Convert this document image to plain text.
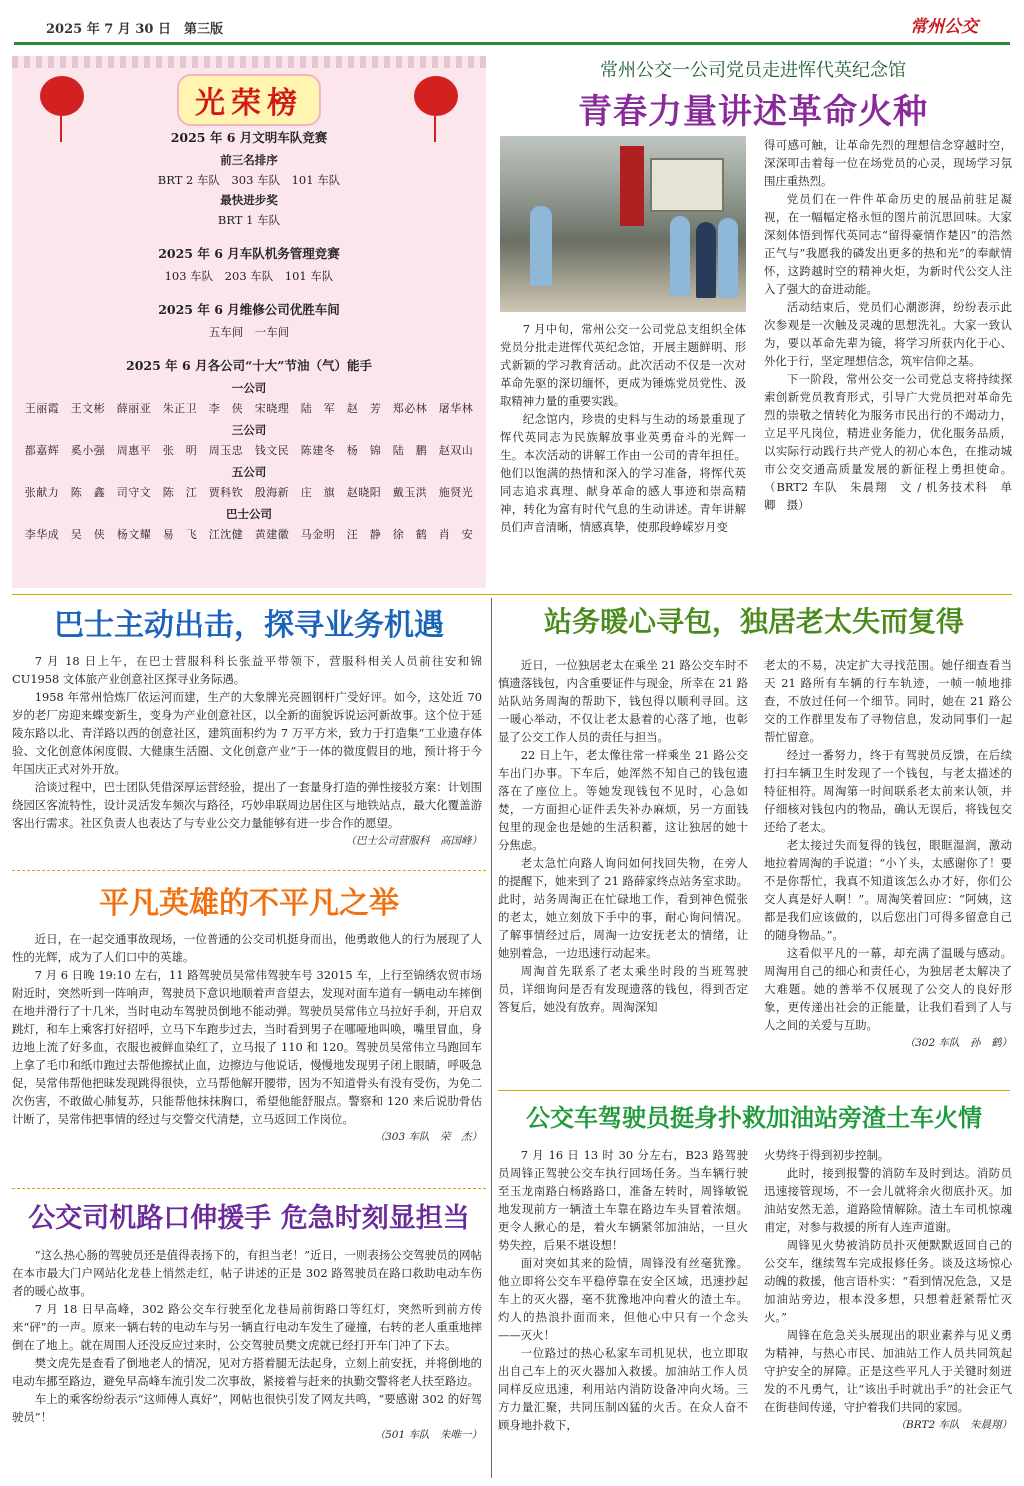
2025 年 7 月 30 日　第三版	常州公交
光荣榜
2025 年 6 月文明车队竞赛
前三名排序
BRT 2 车队　303 车队　101 车队
最快进步奖
BRT 1 车队
2025 年 6 月车队机务管理竞赛
103 车队　203 车队　101 车队
2025 年 6 月维修公司优胜车间
五车间　一车间
2025 年 6 月各公司“十大”节油（气）能手
一公司
王丽霞　王文彬　薛丽亚　朱正卫　李　侠　宋晓理　陆　军　赵　芳　郑必林　屠华林
三公司
都嘉辉　奚小强　周惠平　张　明　周玉忠　钱文民　陈建冬　杨　锦　陆　鹏　赵双山
五公司
张献力　陈　鑫　司守文　陈　江　贾科钦　殷海新　庄　旗　赵晓阳　戴玉洪　施贤光
巴士公司
李华成　吴　侠　杨文耀　易　飞　江沈健　黄建徽　马金明　汪　静　徐　鹤　肖　安
常州公交一公司党员走进恽代英纪念馆
青春力量讲述革命火种

7 月中旬，常州公交一公司党总支组织全体党员分批走进恽代英纪念馆，开展主题鲜明、形式新颖的学习教育活动。此次活动不仅是一次对革命先驱的深切缅怀，更成为锤炼党员党性、汲取精神力量的重要实践。

纪念馆内，珍贵的史料与生动的场景重现了恽代英同志为民族解放事业英勇奋斗的光辉一生。本次活动的讲解工作由一公司的青年担任。他们以饱满的热情和深入的学习准备，将恽代英同志追求真理、献身革命的感人事迹和崇高精神，转化为富有时代气息的生动讲述。青年讲解员们声音清晰，情感真挚，使那段峥嵘岁月变

得可感可触，让革命先烈的理想信念穿越时空，深深叩击着每一位在场党员的心灵，现场学习氛围庄重热烈。

党员们在一件件革命历史的展品前驻足凝视，在一幅幅定格永恒的图片前沉思回味。大家深刻体悟到恽代英同志“留得豪情作楚囚”的浩然正气与“我愿我的磷发出更多的热和光”的奉献情怀，这跨越时空的精神火炬，为新时代公交人注入了强大的奋进动能。

活动结束后，党员们心潮澎湃，纷纷表示此次参观是一次触及灵魂的思想洗礼。大家一致认为，要以革命先辈为镜，将学习所获内化于心、外化于行，坚定理想信念，筑牢信仰之基。

下一阶段，常州公交一公司党总支将持续探索创新党员教育形式，引导广大党员把对革命先烈的崇敬之情转化为服务市民出行的不竭动力，立足平凡岗位，精进业务能力，优化服务品质，以实际行动践行共产党人的初心本色，在推动城市公交交通高质量发展的新征程上勇担使命。（BRT2 车队　朱晨翔　文 / 机务技术科　单　卿　摄）

巴士主动出击，探寻业务机遇

7 月 18 日上午，在巴士营服科科长张益平带领下，营服科相关人员前往安和锦 CU1958 文体旅产业创意社区探寻业务际遇。

1958 年常州恰炼厂依运河而建，生产的大象牌光亮圆钢杆广受好评。如今，这处近 70 岁的老厂房迎来蝶变新生，变身为产业创意社区，以全新的面貌诉说运河新故事。这个位于延陵东路以北、青洋路以西的创意社区，建筑面积约为 7 万平方米，致力于打造集“工业遗存体验、文化创意体闲度假、大健康生活圈、文化创意产业”于一体的微度假目的地，预计将于今年国庆正式对外开放。

洽谈过程中，巴士团队凭借深厚运营经验，提出了一套量身打造的弹性接驳方案：计划围绕园区客流特性，设计灵活发车频次与路径，巧妙串联周边居住区与地铁站点，最大化覆盖游客出行需求。社区负责人也表达了与专业公交力量能够有进一步合作的愿望。

（巴士公司营服科　高国峰）

平凡英雄的不平凡之举

近日，在一起交通事故现场，一位普通的公交司机挺身而出，他勇敢他人的行为展现了人性的光辉，成为了人们口中的英雄。

7 月 6 日晚 19:10 左右，11 路驾驶员吴常伟驾驶车号 32015 车，上行至锦绣农贸市场附近时，突然听到一阵响声，驾驶员下意识地顺着声音望去，发现对面车道有一辆电动车摔倒在地并滑行了十几米，当时电动车驾驶员倒地不能动弹。驾驶员吴常伟立马拉好手刹，开启双跳灯，和车上乘客打好招呼，立马下车跑步过去，当时看到男子在哪哑地叫唤，嘴里冒血，身边地上流了好多血，衣服也被鲜血染红了，立马报了 110 和 120。驾驶员吴常伟立马跑回车上拿了毛巾和纸巾跑过去帮他擦拭止血，边擦边与他说话，慢慢地发现男子闭上眼睛，呼吸急促，吴常伟帮他把昧发现跳得很快，立马帮他解开腰带，因为不知道骨头有没有受伤，为免二次伤害，不敢做心肺复苏，只能帮他抹抹胸口，希望他能舒服点。警察和 120 来后说肋骨估计断了，吴常伟把事情的经过与交警交代清楚，立马返回工作岗位。

（303 车队　荣　杰）

公交司机路口伸援手 危急时刻显担当

“这么热心肠的驾驶员还是值得表扬下的，有担当老！”近日，一则表扬公交驾驶员的网帖在本市最大门户网站化龙巷上悄然走红，帖子讲述的正是 302 路驾驶员在路口救助电动车伤者的暖心故事。

7 月 18 日早高峰，302 路公交车行驶至化龙巷局前街路口等红灯，突然听到前方传来“砰”的一声。原来一辆右转的电动车与另一辆直行电动车发生了碰撞，右转的老人重重地摔倒在了地上。就在周围人还没反应过来时，公交驾驶员樊文虎就已经打开车门冲了下去。

樊文虎先是查看了倒地老人的情况，见对方搭着腿无法起身，立刻上前安抚，并将倒地的电动车挪至路边，避免早高峰车流引发二次事故，紧接着与赶来的执勤交警将老人扶至路边。

车上的乘客纷纷表示“这师傅人真好”，网帖也很快引发了网友共鸣，“要感谢 302 的好驾驶员”！

（501 车队　朱唯一）

站务暖心寻包，独居老太失而复得

近日，一位独居老太在乘坐 21 路公交车时不慎遗落钱包，内含重要证件与现金，所幸在 21 路站队站务周淘的帮助下，钱包得以顺利寻回。这一暖心举动，不仅让老太悬着的心落了地，也彰显了公交工作人员的责任与担当。

22 日上午，老太像往常一样乘坐 21 路公交车出门办事。下车后，她浑然不知自己的钱包遗落在了座位上。等她发现钱包不见时，心急如焚，一方面担心证件丢失补办麻烦，另一方面钱包里的现金也是她的生活积蓄，这让独居的她十分焦虑。

老太急忙向路人询问如何找回失物，在旁人的提醒下，她来到了 21 路薛家终点站务室求助。此时，站务周淘正在忙碌地工作，看到神色慌张的老太，她立刻放下手中的事，耐心询问情况。了解事情经过后，周淘一边安抚老太的情绪，让她别着急，一边迅速行动起来。

周淘首先联系了老太乘坐时段的当班驾驶员，详细询问是否有发现遗落的钱包，得到否定答复后，她没有放弃。周淘深知

老太的不易，决定扩大寻找范围。她仔细查看当天 21 路所有车辆的行车轨迹，一帧一帧地排查，不放过任何一个细节。同时，她在 21 路公交的工作群里发布了寻物信息，发动同事们一起帮忙留意。

经过一番努力，终于有驾驶员反馈，在后续打扫车辆卫生时发现了一个钱包，与老太描述的特征相符。周淘第一时间联系老太前来认领，并仔细核对钱包内的物品，确认无误后，将钱包交还给了老太。

老太接过失而复得的钱包，眼眶湿润，激动地拉着周淘的手说道：“小丫头，太感谢你了！要不是你帮忙，我真不知道该怎么办才好，你们公交人真是好人啊！”。周淘笑着回应：“阿姨，这都是我们应该做的，以后您出门可得多留意自己的随身物品。”。

这看似平凡的一幕，却充满了温暖与感动。周淘用自己的细心和责任心，为独居老太解决了大难题。她的善举不仅展现了公交人的良好形象，更传递出社会的正能量，让我们看到了人与人之间的关爱与互助。

（302 车队　孙　鹤）

公交车驾驶员挺身扑救加油站旁渣土车火情

7 月 16 日 13 时 30 分左右，B23 路驾驶员周锋正驾驶公交车执行回场任务。当车辆行驶至玉龙南路白杨路路口，准备左转时，周锋敏锐地发现前方一辆渣土车靠在路边车头冒着浓烟。更令人揪心的是，着火车辆紧邻加油站，一旦火势失控，后果不堪设想！

面对突如其来的险情，周锋没有丝毫犹豫。他立即将公交车平稳停靠在安全区域，迅速抄起车上的灭火器，毫不犹豫地冲向着火的渣土车。灼人的热浪扑面而来，但他心中只有一个念头——灭火！

一位路过的热心私家车司机见状，也立即取出自己车上的灭火器加入救援。加油站工作人员同样反应迅速，利用站内消防设备冲向火场。三方力量汇聚，共同压制凶猛的火舌。在众人奋不顾身地扑救下，

火势终于得到初步控制。

此时，接到报警的消防车及时到达。消防员迅速接管现场，不一会儿就将余火彻底扑灭。加油站安然无恙，道路险情解除。渣土车司机惊魂甫定，对参与救援的所有人连声道谢。

周锋见火势被消防员扑灭便默默返回自己的公交车，继续驾车完成报修任务。谈及这场惊心动魄的救援，他言语朴实：“看到情况危急，又是加油站旁边，根本没多想，只想着赶紧帮忙灭火。”

周锋在危急关头展现出的职业素养与见义勇为精神，与热心市民、加油站工作人员共同筑起守护安全的屏障。正是这些平凡人于关键时刻迸发的不凡勇气，让“该出手时就出手”的社会正气在街巷间传递，守护着我们共同的家园。

（BRT2 车队　朱晨翔）
